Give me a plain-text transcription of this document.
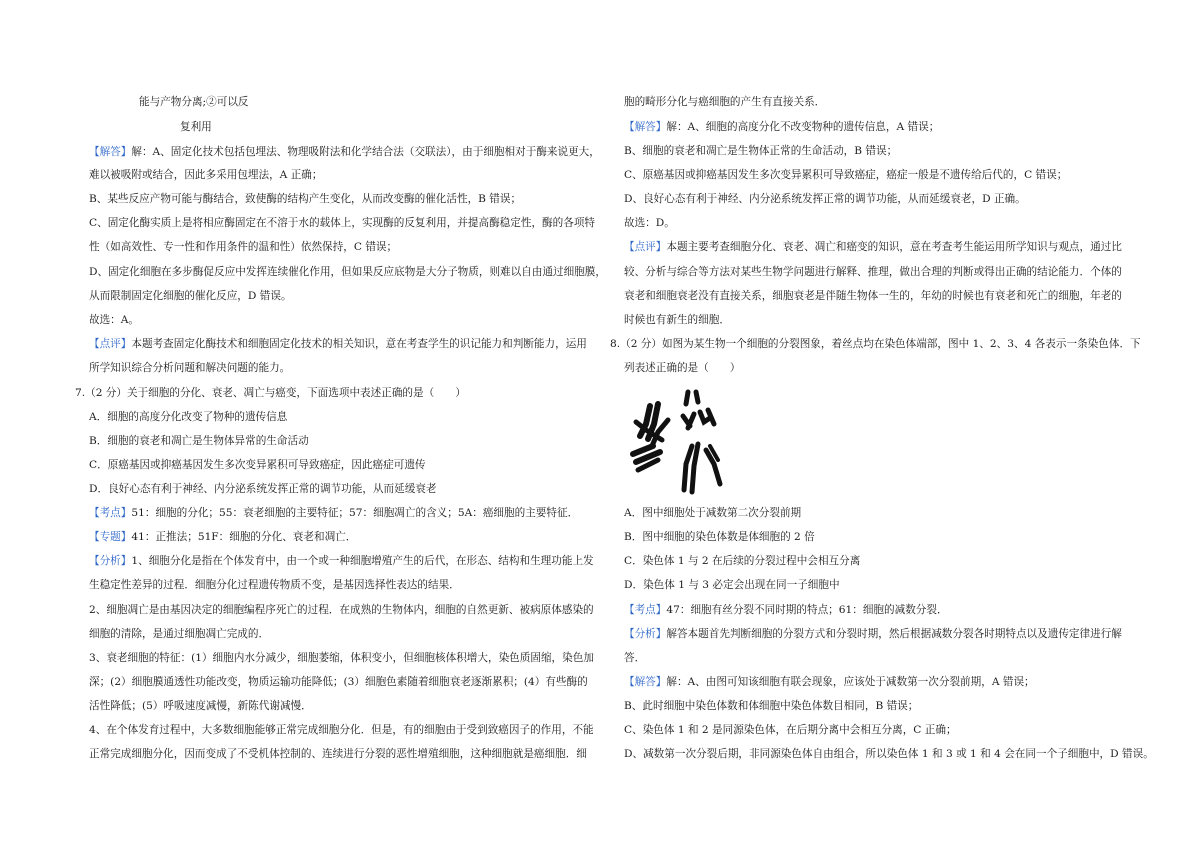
能与产物分离;②可以反
复利用
【解答】解：A、固定化技术包括包埋法、物理吸附法和化学结合法（交联法），由于细胞相对于酶来说更大，
难以被吸附或结合，因此多采用包埋法，A 正确；
B、某些反应产物可能与酶结合，致使酶的结构产生变化，从而改变酶的催化活性，B 错误；
C、固定化酶实质上是将相应酶固定在不溶于水的载体上，实现酶的反复利用，并提高酶稳定性，酶的各项特
性（如高效性、专一性和作用条件的温和性）依然保持，C 错误；
D、固定化细胞在多步酶促反应中发挥连续催化作用，但如果反应底物是大分子物质，则难以自由通过细胞膜，
从而限制固定化细胞的催化反应，D 错误。
故选：A。
【点评】本题考查固定化酶技术和细胞固定化技术的相关知识，意在考查学生的识记能力和判断能力，运用
所学知识综合分析问题和解决问题的能力。
7.（2 分）关于细胞的分化、衰老、凋亡与癌变，下面选项中表述正确的是（　　）
A．细胞的高度分化改变了物种的遗传信息
B．细胞的衰老和凋亡是生物体异常的生命活动
C．原癌基因或抑癌基因发生多次变异累积可导致癌症，因此癌症可遗传
D．良好心态有利于神经、内分泌系统发挥正常的调节功能，从而延缓衰老
【考点】51：细胞的分化；55：衰老细胞的主要特征；57：细胞凋亡的含义；5A：癌细胞的主要特征．
【专题】41：正推法；51F：细胞的分化、衰老和凋亡．
【分析】1、细胞分化是指在个体发育中，由一个或一种细胞增殖产生的后代，在形态、结构和生理功能上发
生稳定性差异的过程．细胞分化过程遗传物质不变，是基因选择性表达的结果．
2、细胞凋亡是由基因决定的细胞编程序死亡的过程．在成熟的生物体内，细胞的自然更新、被病原体感染的
细胞的清除，是通过细胞凋亡完成的．
3、衰老细胞的特征：(1）细胞内水分减少，细胞萎缩，体积变小，但细胞核体积增大，染色质固缩，染色加
深；(2）细胞膜通透性功能改变，物质运输功能降低；(3）细胞色素随着细胞衰老逐渐累积；(4）有些酶的
活性降低；(5）呼吸速度减慢，新陈代谢减慢．
4、在个体发育过程中，大多数细胞能够正常完成细胞分化．但是，有的细胞由于受到致癌因子的作用，不能
正常完成细胞分化，因而变成了不受机体控制的、连续进行分裂的恶性增殖细胞，这种细胞就是癌细胞．细
胞的畸形分化与癌细胞的产生有直接关系．
【解答】解：A、细胞的高度分化不改变物种的遗传信息，A 错误；
B、细胞的衰老和凋亡是生物体正常的生命活动，B 错误；
C、原癌基因或抑癌基因发生多次变异累积可导致癌症，癌症一般是不遗传给后代的，C 错误；
D、良好心态有利于神经、内分泌系统发挥正常的调节功能，从而延缓衰老，D 正确。
故选：D。
【点评】本题主要考查细胞分化、衰老、凋亡和癌变的知识，意在考查考生能运用所学知识与观点，通过比
较、分析与综合等方法对某些生物学问题进行解释、推理，做出合理的判断或得出正确的结论能力．个体的
衰老和细胞衰老没有直接关系，细胞衰老是伴随生物体一生的，年幼的时候也有衰老和死亡的细胞，年老的
时候也有新生的细胞．
8.（2 分）如图为某生物一个细胞的分裂图象，着丝点均在染色体端部，图中 1、2、3、4 各表示一条染色体．下
列表述正确的是（　　）
A．图中细胞处于减数第二次分裂前期
B．图中细胞的染色体数是体细胞的 2 倍
C．染色体 1 与 2 在后续的分裂过程中会相互分离
D．染色体 1 与 3 必定会出现在同一子细胞中
【考点】47：细胞有丝分裂不同时期的特点；61：细胞的减数分裂．
【分析】解答本题首先判断细胞的分裂方式和分裂时期，然后根据减数分裂各时期特点以及遗传定律进行解
答．
【解答】解：A、由图可知该细胞有联会现象，应该处于减数第一次分裂前期，A 错误；
B、此时细胞中染色体数和体细胞中染色体数目相同，B 错误；
C、染色体 1 和 2 是同源染色体，在后期分离中会相互分离，C 正确；
D、减数第一次分裂后期，非同源染色体自由组合，所以染色体 1 和 3 或 1 和 4 会在同一个子细胞中，D 错误。
